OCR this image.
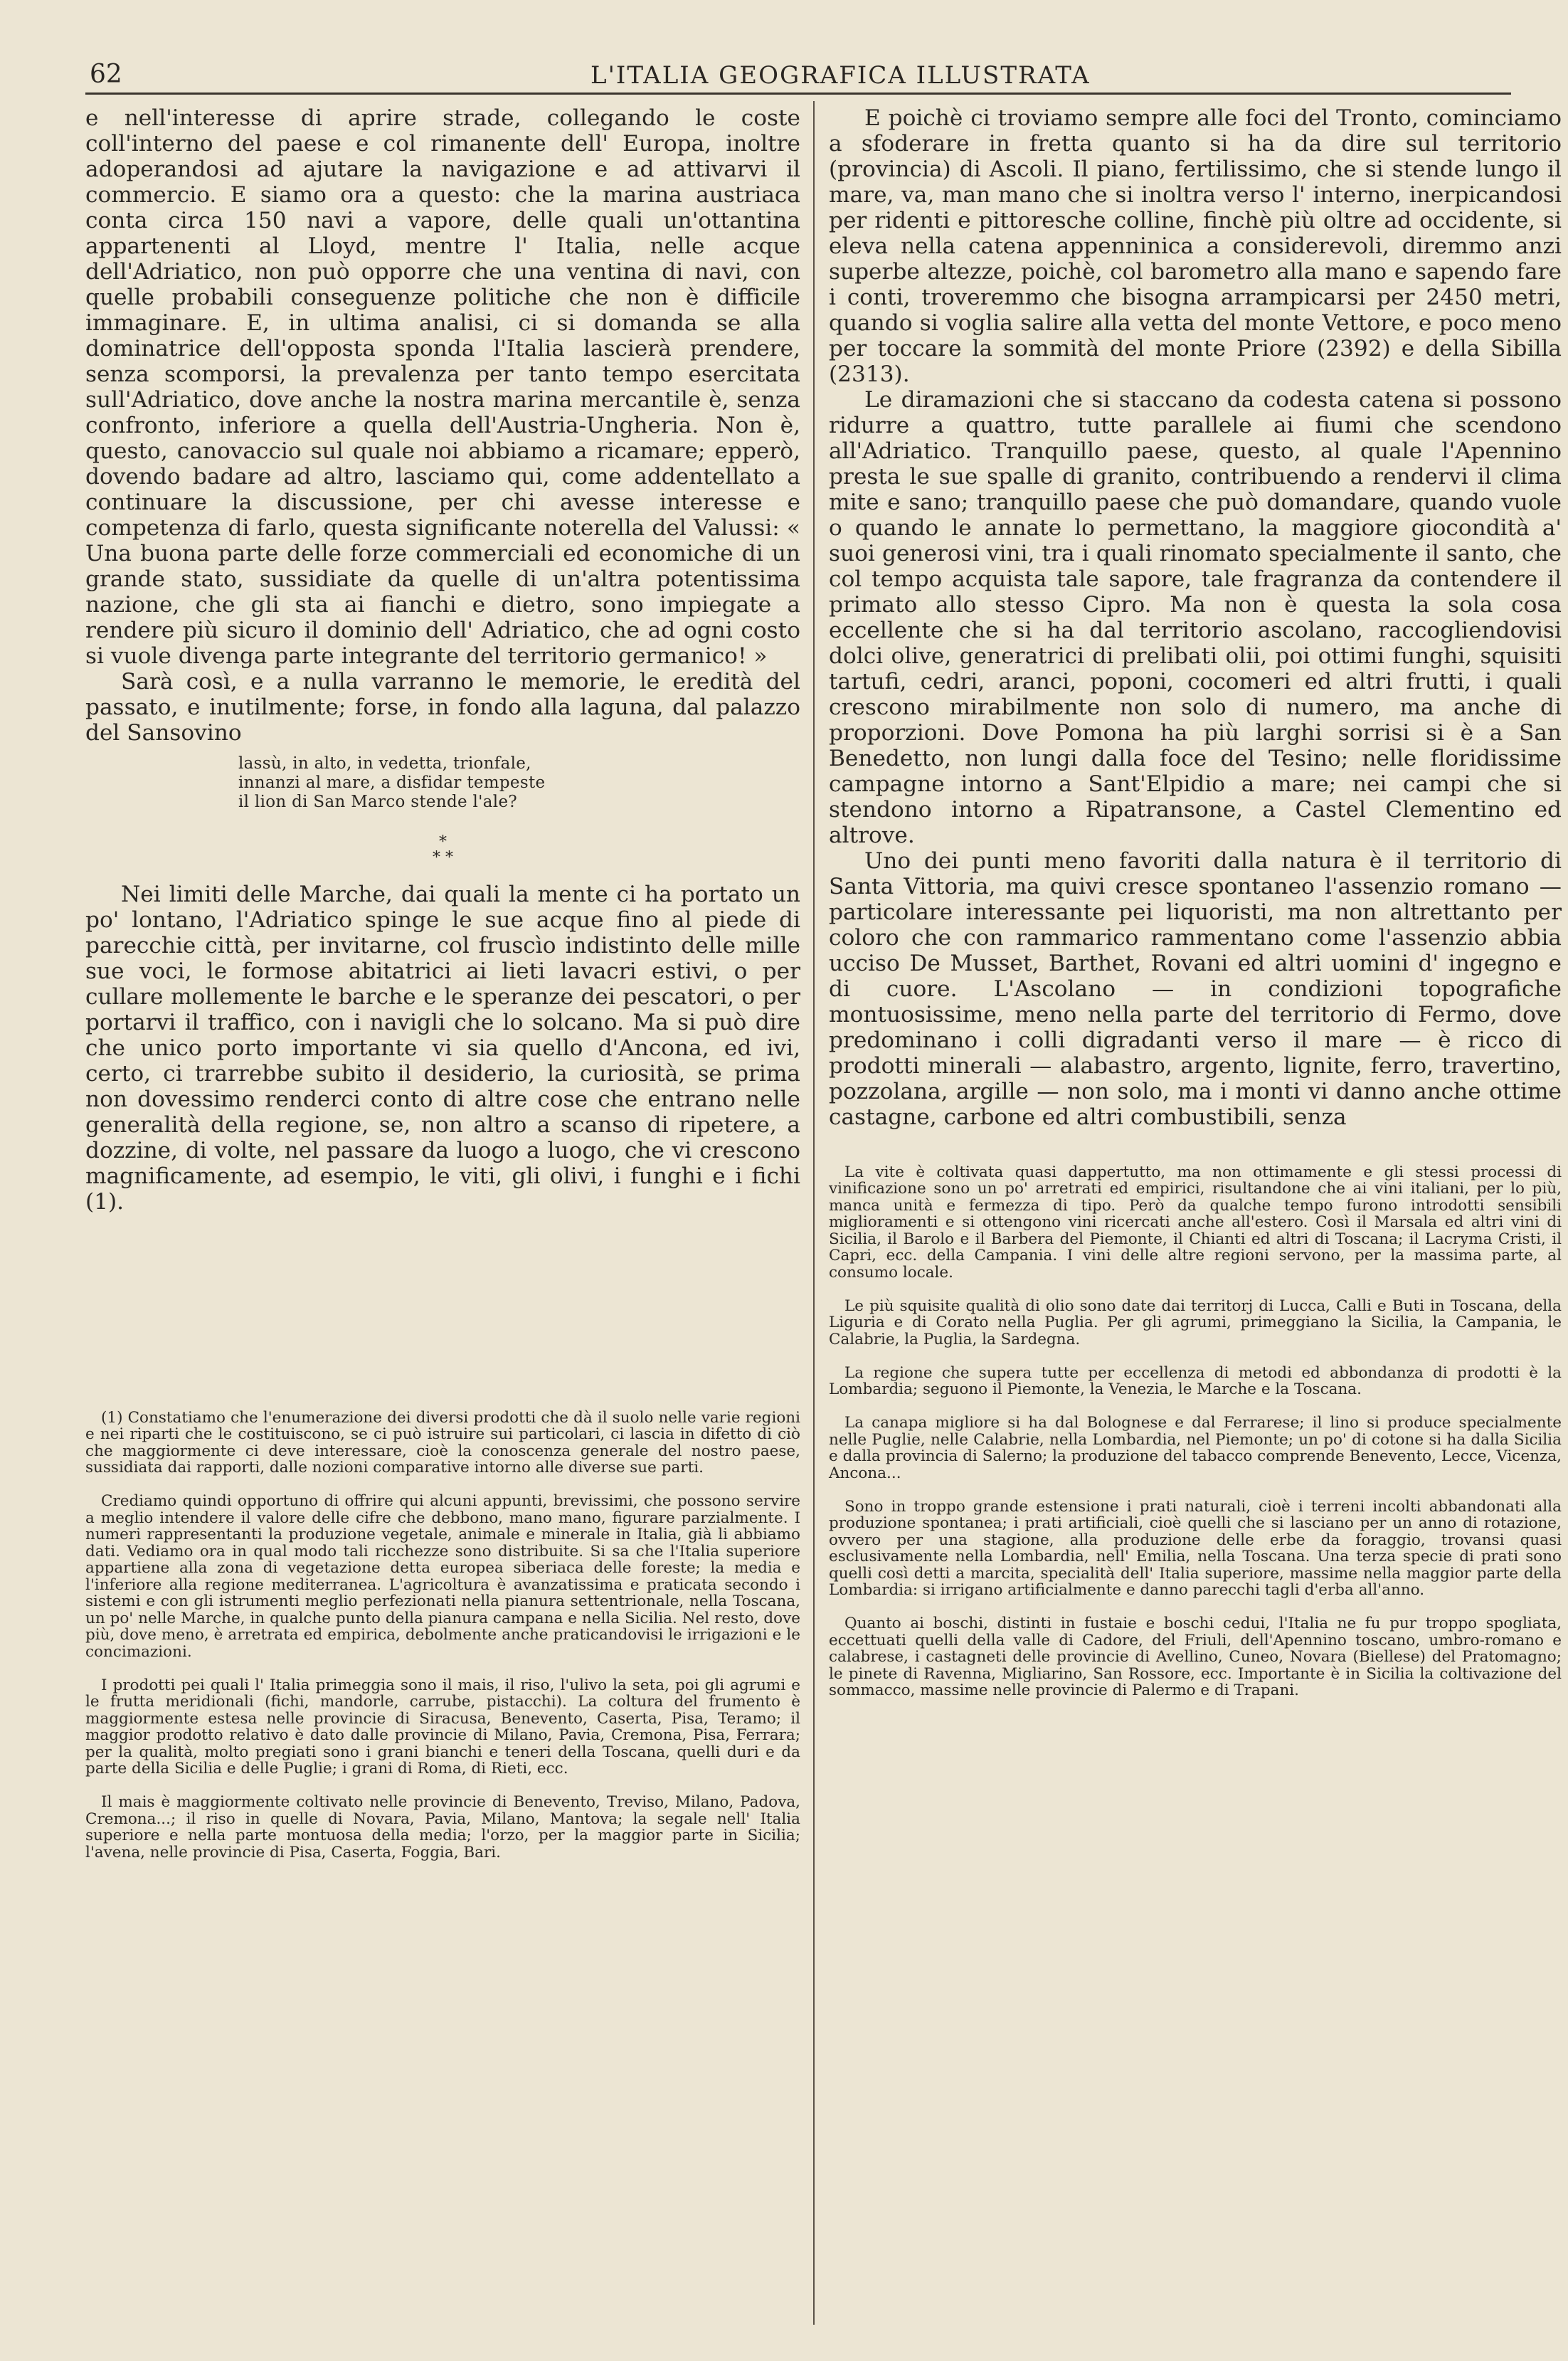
62	L'ITALIA GEOGRAFICA ILLUSTRATA

e nell'interesse di aprire strade, collegando le coste coll'interno del paese e col rimanente dell' Europa, inoltre adoperandosi ad ajutare la navigazione e ad attivarvi il commercio. E siamo ora a questo: che la marina austriaca conta circa 150 navi a vapore, delle quali un'ottantina appartenenti al Lloyd, mentre l' Italia, nelle acque dell'Adriatico, non può opporre che una ventina di navi, con quelle probabili conseguenze politiche che non è difficile immaginare. E, in ultima analisi, ci si domanda se alla dominatrice dell'opposta sponda l'Italia lascierà prendere, senza scomporsi, la prevalenza per tanto tempo esercitata sull'Adriatico, dove anche la nostra marina mercantile è, senza confronto, inferiore a quella dell'Austria-Ungheria. Non è, questo, canovaccio sul quale noi abbiamo a ricamare; epperò, dovendo badare ad altro, lasciamo qui, come addentellato a continuare la discussione, per chi avesse interesse e competenza di farlo, questa significante noterella del Valussi: « Una buona parte delle forze commerciali ed economiche di un grande stato, sussidiate da quelle di un'altra potentissima nazione, che gli sta ai fianchi e dietro, sono impiegate a rendere più sicuro il dominio dell' Adriatico, che ad ogni costo si vuole divenga parte integrante del territorio germanico! »

Sarà così, e a nulla varranno le memorie, le eredità del passato, e inutilmente; forse, in fondo alla laguna, dal palazzo del Sansovino

lassù, in alto, in vedetta, trionfale,
innanzi al mare, a disfidar tempeste
il lion di San Marco stende l'ale?
*
* *

Nei limiti delle Marche, dai quali la mente ci ha portato un po' lontano, l'Adriatico spinge le sue acque fino al piede di parecchie città, per invitarne, col fruscìo indistinto delle mille sue voci, le formose abitatrici ai lieti lavacri estivi, o per cullare mollemente le barche e le speranze dei pescatori, o per portarvi il traffico, con i navigli che lo solcano. Ma si può dire che unico porto importante vi sia quello d'Ancona, ed ivi, certo, ci trarrebbe subito il desiderio, la curiosità, se prima non dovessimo renderci conto di altre cose che entrano nelle generalità della regione, se, non altro a scanso di ripetere, a dozzine, di volte, nel passare da luogo a luogo, che vi crescono magnificamente, ad esempio, le viti, gli olivi, i funghi e i fichi (1).

(1) Constatiamo che l'enumerazione dei diversi prodotti che dà il suolo nelle varie regioni e nei riparti che le costituiscono, se ci può istruire sui particolari, ci lascia in difetto di ciò che maggiormente ci deve interessare, cioè la conoscenza generale del nostro paese, sussidiata dai rapporti, dalle nozioni comparative intorno alle diverse sue parti.

Crediamo quindi opportuno di offrire qui alcuni appunti, brevissimi, che possono servire a meglio intendere il valore delle cifre che debbono, mano mano, figurare parzialmente. I numeri rappresentanti la produzione vegetale, animale e minerale in Italia, già li abbiamo dati. Vediamo ora in qual modo tali ricchezze sono distribuite. Si sa che l'Italia superiore appartiene alla zona di vegetazione detta europea siberiaca delle foreste; la media e l'inferiore alla regione mediterranea. L'agricoltura è avanzatissima e praticata secondo i sistemi e con gli istrumenti meglio perfezionati nella pianura settentrionale, nella Toscana, un po' nelle Marche, in qualche punto della pianura campana e nella Sicilia. Nel resto, dove più, dove meno, è arretrata ed empirica, debolmente anche praticandovisi le irrigazioni e le concimazioni.

I prodotti pei quali l' Italia primeggia sono il mais, il riso, l'ulivo la seta, poi gli agrumi e le frutta meridionali (fichi, mandorle, carrube, pistacchi). La coltura del frumento è maggiormente estesa nelle provincie di Siracusa, Benevento, Caserta, Pisa, Teramo; il maggior prodotto relativo è dato dalle provincie di Milano, Pavia, Cremona, Pisa, Ferrara; per la qualità, molto pregiati sono i grani bianchi e teneri della Toscana, quelli duri e da parte della Sicilia e delle Puglie; i grani di Roma, di Rieti, ecc.

Il mais è maggiormente coltivato nelle provincie di Benevento, Treviso, Milano, Padova, Cremona...; il riso in quelle di Novara, Pavia, Milano, Mantova; la segale nell' Italia superiore e nella parte montuosa della media; l'orzo, per la maggior parte in Sicilia; l'avena, nelle provincie di Pisa, Caserta, Foggia, Bari.

E poichè ci troviamo sempre alle foci del Tronto, cominciamo a sfoderare in fretta quanto si ha da dire sul territorio (provincia) di Ascoli. Il piano, fertilissimo, che si stende lungo il mare, va, man mano che si inoltra verso l' interno, inerpicandosi per ridenti e pittoresche colline, finchè più oltre ad occidente, si eleva nella catena appenninica a considerevoli, diremmo anzi superbe altezze, poichè, col barometro alla mano e sapendo fare i conti, troveremmo che bisogna arrampicarsi per 2450 metri, quando si voglia salire alla vetta del monte Vettore, e poco meno per toccare la sommità del monte Priore (2392) e della Sibilla (2313).

Le diramazioni che si staccano da codesta catena si possono ridurre a quattro, tutte parallele ai fiumi che scendono all'Adriatico. Tranquillo paese, questo, al quale l'Apennino presta le sue spalle di granito, contribuendo a rendervi il clima mite e sano; tranquillo paese che può domandare, quando vuole o quando le annate lo permettano, la maggiore giocondità a' suoi generosi vini, tra i quali rinomato specialmente il santo, che col tempo acquista tale sapore, tale fragranza da contendere il primato allo stesso Cipro. Ma non è questa la sola cosa eccellente che si ha dal territorio ascolano, raccogliendovisi dolci olive, generatrici di prelibati olii, poi ottimi funghi, squisiti tartufi, cedri, aranci, poponi, cocomeri ed altri frutti, i quali crescono mirabilmente non solo di numero, ma anche di proporzioni. Dove Pomona ha più larghi sorrisi si è a San Benedetto, non lungi dalla foce del Tesino; nelle floridissime campagne intorno a Sant'Elpidio a mare; nei campi che si stendono intorno a Ripatransone, a Castel Clementino ed altrove.

Uno dei punti meno favoriti dalla natura è il territorio di Santa Vittoria, ma quivi cresce spontaneo l'assenzio romano — particolare interessante pei liquoristi, ma non altrettanto per coloro che con rammarico rammentano come l'assenzio abbia ucciso De Musset, Barthet, Rovani ed altri uomini d' ingegno e di cuore. L'Ascolano — in condizioni topografiche montuosissime, meno nella parte del territorio di Fermo, dove predominano i colli digradanti verso il mare — è ricco di prodotti minerali — alabastro, argento, lignite, ferro, travertino, pozzolana, argille — non solo, ma i monti vi danno anche ottime castagne, carbone ed altri combustibili, senza

La vite è coltivata quasi dappertutto, ma non ottimamente e gli stessi processi di vinificazione sono un po' arretrati ed empirici, risultandone che ai vini italiani, per lo più, manca unità e fermezza di tipo. Però da qualche tempo furono introdotti sensibili miglioramenti e si ottengono vini ricercati anche all'estero. Così il Marsala ed altri vini di Sicilia, il Barolo e il Barbera del Piemonte, il Chianti ed altri di Toscana; il Lacryma Cristi, il Capri, ecc. della Campania. I vini delle altre regioni servono, per la massima parte, al consumo locale.

Le più squisite qualità di olio sono date dai territorj di Lucca, Calli e Buti in Toscana, della Liguria e di Corato nella Puglia. Per gli agrumi, primeggiano la Sicilia, la Campania, le Calabrie, la Puglia, la Sardegna.

La regione che supera tutte per eccellenza di metodi ed abbondanza di prodotti è la Lombardia; seguono il Piemonte, la Venezia, le Marche e la Toscana.

La canapa migliore si ha dal Bolognese e dal Ferrarese; il lino si produce specialmente nelle Puglie, nelle Calabrie, nella Lombardia, nel Piemonte; un po' di cotone si ha dalla Sicilia e dalla provincia di Salerno; la produzione del tabacco comprende Benevento, Lecce, Vicenza, Ancona...

Sono in troppo grande estensione i prati naturali, cioè i terreni incolti abbandonati alla produzione spontanea; i prati artificiali, cioè quelli che si lasciano per un anno di rotazione, ovvero per una stagione, alla produzione delle erbe da foraggio, trovansi quasi esclusivamente nella Lombardia, nell' Emilia, nella Toscana. Una terza specie di prati sono quelli così detti a marcita, specialità dell' Italia superiore, massime nella maggior parte della Lombardia: si irrigano artificialmente e danno parecchi tagli d'erba all'anno.

Quanto ai boschi, distinti in fustaie e boschi cedui, l'Italia ne fu pur troppo spogliata, eccettuati quelli della valle di Cadore, del Friuli, dell'Apennino toscano, umbro-romano e calabrese, i castagneti delle provincie di Avellino, Cuneo, Novara (Biellese) del Pratomagno; le pinete di Ravenna, Migliarino, San Rossore, ecc. Importante è in Sicilia la coltivazione del sommacco, massime nelle provincie di Palermo e di Trapani.
